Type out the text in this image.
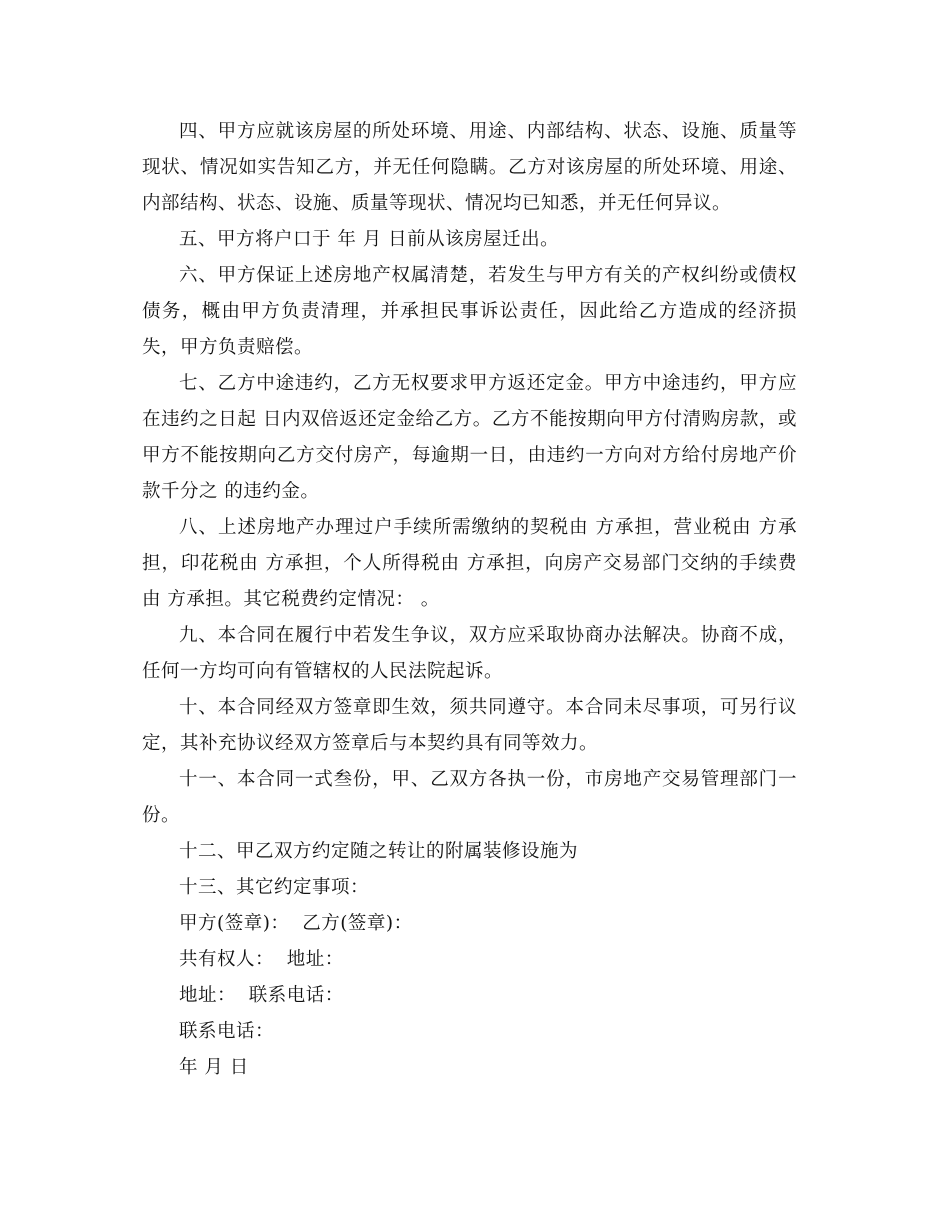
四、甲方应就该房屋的所处环境、用途、内部结构、状态、设施、质量等现状、情况如实告知乙方，并无任何隐瞒。乙方对该房屋的所处环境、用途、内部结构、状态、设施、质量等现状、情况均已知悉，并无任何异议。

五、甲方将户口于 年 月 日前从该房屋迁出。

六、甲方保证上述房地产权属清楚，若发生与甲方有关的产权纠纷或债权债务，概由甲方负责清理，并承担民事诉讼责任，因此给乙方造成的经济损失，甲方负责赔偿。

七、乙方中途违约，乙方无权要求甲方返还定金。甲方中途违约，甲方应在违约之日起 日内双倍返还定金给乙方。乙方不能按期向甲方付清购房款，或甲方不能按期向乙方交付房产，每逾期一日，由违约一方向对方给付房地产价款千分之 的违约金。

八、上述房地产办理过户手续所需缴纳的契税由 方承担，营业税由 方承担，印花税由 方承担，个人所得税由 方承担，向房产交易部门交纳的手续费由 方承担。其它税费约定情况： 。

九、本合同在履行中若发生争议，双方应采取协商办法解决。协商不成，任何一方均可向有管辖权的人民法院起诉。

十、本合同经双方签章即生效，须共同遵守。本合同未尽事项，可另行议定，其补充协议经双方签章后与本契约具有同等效力。

十一、本合同一式叁份，甲、乙双方各执一份，市房地产交易管理部门一份。

十二、甲乙双方约定随之转让的附属装修设施为

十三、其它约定事项：

甲方(签章)：  乙方(签章)：

共有权人：  地址：

地址：  联系电话：

联系电话：

年 月 日
